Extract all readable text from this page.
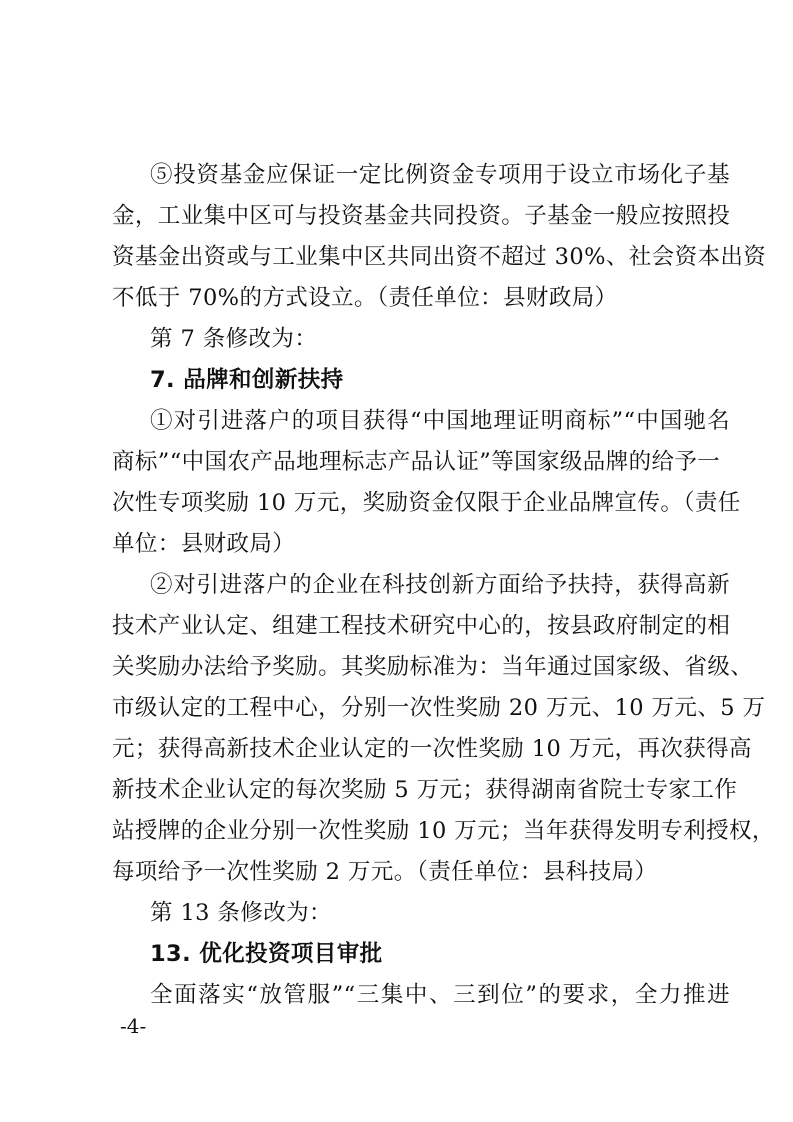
⑤投资基金应保证一定比例资金专项用于设立市场化子基
金，工业集中区可与投资基金共同投资。子基金一般应按照投
资基金出资或与工业集中区共同出资不超过 30%、社会资本出资
不低于 70%的方式设立。（责任单位：县财政局）
第 7 条修改为：
7. 品牌和创新扶持
①对引进落户的项目获得“中国地理证明商标”“中国驰名
商标”“中国农产品地理标志产品认证”等国家级品牌的给予一
次性专项奖励 10 万元，奖励资金仅限于企业品牌宣传。（责任
单位：县财政局）
②对引进落户的企业在科技创新方面给予扶持，获得高新
技术产业认定、组建工程技术研究中心的，按县政府制定的相
关奖励办法给予奖励。其奖励标准为：当年通过国家级、省级、
市级认定的工程中心，分别一次性奖励 20 万元、10 万元、5 万
元；获得高新技术企业认定的一次性奖励 10 万元，再次获得高
新技术企业认定的每次奖励 5 万元；获得湖南省院士专家工作
站授牌的企业分别一次性奖励 10 万元；当年获得发明专利授权，
每项给予一次性奖励 2 万元。（责任单位：县科技局）
第 13 条修改为：
13. 优化投资项目审批
全面落实“放管服”“三集中、三到位”的要求，全力推进
-4-
